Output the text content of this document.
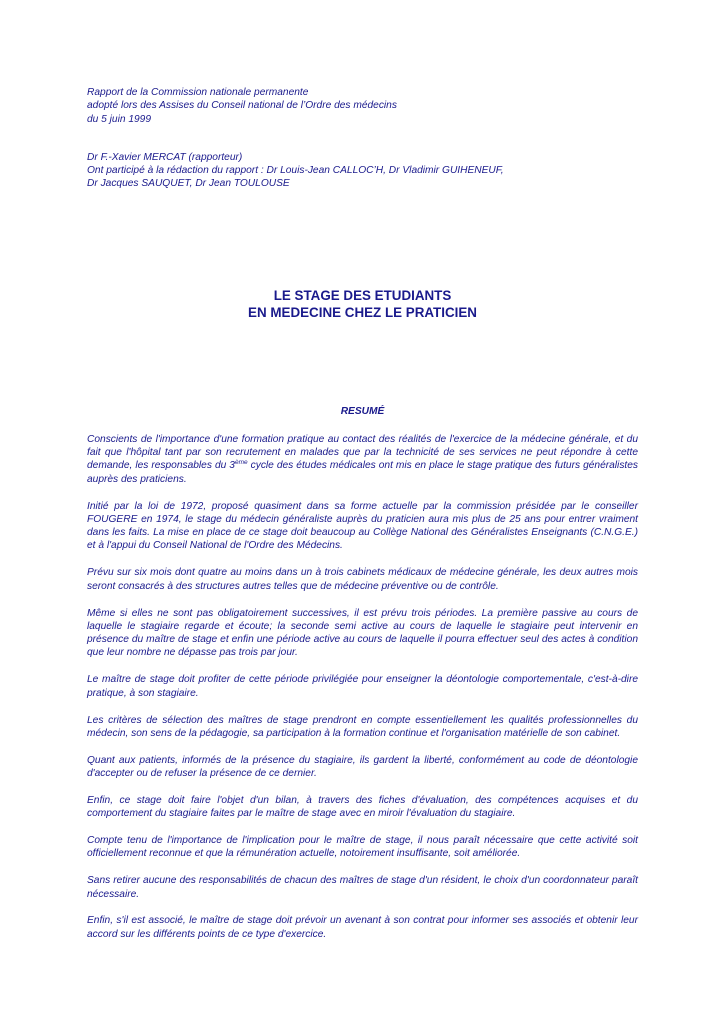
Rapport de la Commission nationale permanente

adopté lors des Assises du Conseil national de l’Ordre des médecins

du 5 juin 1999

Dr F.-Xavier MERCAT (rapporteur)

Ont participé à la rédaction du rapport : Dr Louis-Jean CALLOC’H, Dr Vladimir GUIHENEUF,

Dr Jacques SAUQUET, Dr Jean TOULOUSE

LE STAGE DES ETUDIANTS
EN MEDECINE CHEZ LE PRATICIEN
RESUMÉ

Conscients de l'importance d'une formation pratique au contact des réalités de l'exercice de la médecine générale, et du fait que l'hôpital tant par son recrutement en malades que par la technicité de ses services ne peut répondre à cette demande, les responsables du 3ème cycle des études médicales ont mis en place le stage pratique des futurs généralistes auprès des praticiens.

Initié par la loi de 1972, proposé quasiment dans sa forme actuelle par la commission présidée par le conseiller FOUGERE en 1974, le stage du médecin généraliste auprès du praticien aura mis plus de 25 ans pour entrer vraiment dans les faits. La mise en place de ce stage doit beaucoup au Collège National des Généralistes Enseignants (C.N.G.E.) et à l'appui du Conseil National de l'Ordre des Médecins.

Prévu sur six mois dont quatre au moins dans un à trois cabinets médicaux de médecine générale, les deux autres mois seront consacrés à des structures autres telles que de médecine préventive ou de contrôle.

Même si elles ne sont pas obligatoirement successives, il est prévu trois périodes. La première passive au cours de laquelle le stagiaire regarde et écoute; la seconde semi active au cours de laquelle le stagiaire peut intervenir en présence du maître de stage et enfin une période active au cours de laquelle il pourra effectuer seul des actes à condition que leur nombre ne dépasse pas trois par jour.

Le maître de stage doit profiter de cette période privilégiée pour enseigner la déontologie comportementale, c'est-à-dire pratique, à son stagiaire.

Les critères de sélection des maîtres de stage prendront en compte essentiellement les qualités professionnelles du médecin, son sens de la pédagogie, sa participation à la formation continue et l'organisation matérielle de son cabinet.

Quant aux patients, informés de la présence du stagiaire, ils gardent la liberté, conformément au code de déontologie d'accepter ou de refuser la présence de ce dernier.

Enfin, ce stage doit faire l'objet d'un bilan, à travers des fiches d'évaluation, des compétences acquises et du comportement du stagiaire faites par le maître de stage avec en miroir l'évaluation du stagiaire.

Compte tenu de l'importance de l'implication pour le maître de stage, il nous paraît nécessaire que cette activité soit officiellement reconnue et que la rémunération actuelle, notoirement insuffisante, soit améliorée.

Sans retirer aucune des responsabilités de chacun des maîtres de stage d'un résident, le choix d'un coordonnateur paraît nécessaire.

Enfin, s'il est associé, le maître de stage doit prévoir un avenant à son contrat pour informer ses associés et obtenir leur accord sur les différents points de ce type d'exercice.
